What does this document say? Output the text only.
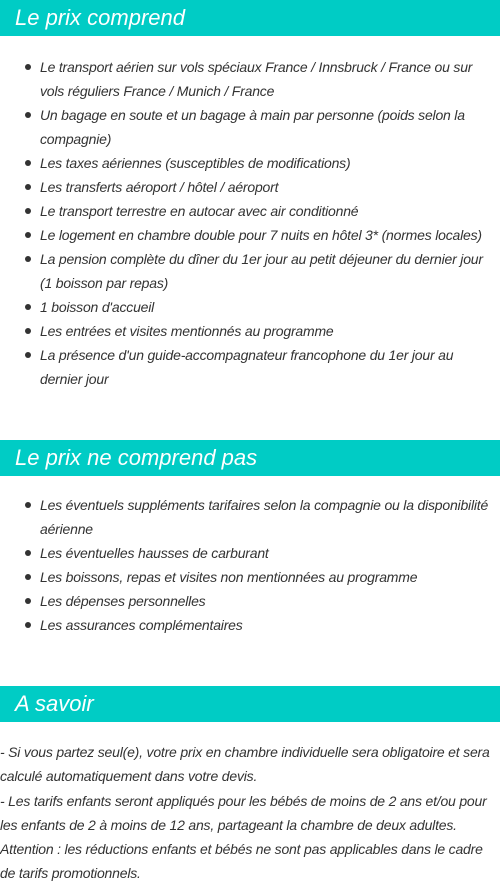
Le prix comprend
Le transport aérien sur vols spéciaux France / Innsbruck / France ou sur vols réguliers France / Munich / France
Un bagage en soute et un bagage à main par personne (poids selon la compagnie)
Les taxes aériennes (susceptibles de modifications)
Les transferts aéroport / hôtel / aéroport
Le transport terrestre en autocar avec air conditionné
Le logement en chambre double pour 7 nuits en hôtel 3* (normes locales)
La pension complète du dîner du 1er jour au petit déjeuner du dernier jour (1 boisson par repas)
1 boisson d'accueil
Les entrées et visites mentionnés au programme
La présence d'un guide-accompagnateur francophone du 1er jour au dernier jour
Le prix ne comprend pas
Les éventuels suppléments tarifaires selon la compagnie ou la disponibilité aérienne
Les éventuelles hausses de carburant
Les boissons, repas et visites non mentionnées au programme
Les dépenses personnelles
Les assurances complémentaires
A savoir

- Si vous partez seul(e), votre prix en chambre individuelle sera obligatoire et sera calculé automatiquement dans votre devis.

- Les tarifs enfants seront appliqués pour les bébés de moins de 2 ans et/ou pour les enfants de 2 à moins de 12 ans, partageant la chambre de deux adultes.

Attention : les réductions enfants et bébés ne sont pas applicables dans le cadre de tarifs promotionnels.
